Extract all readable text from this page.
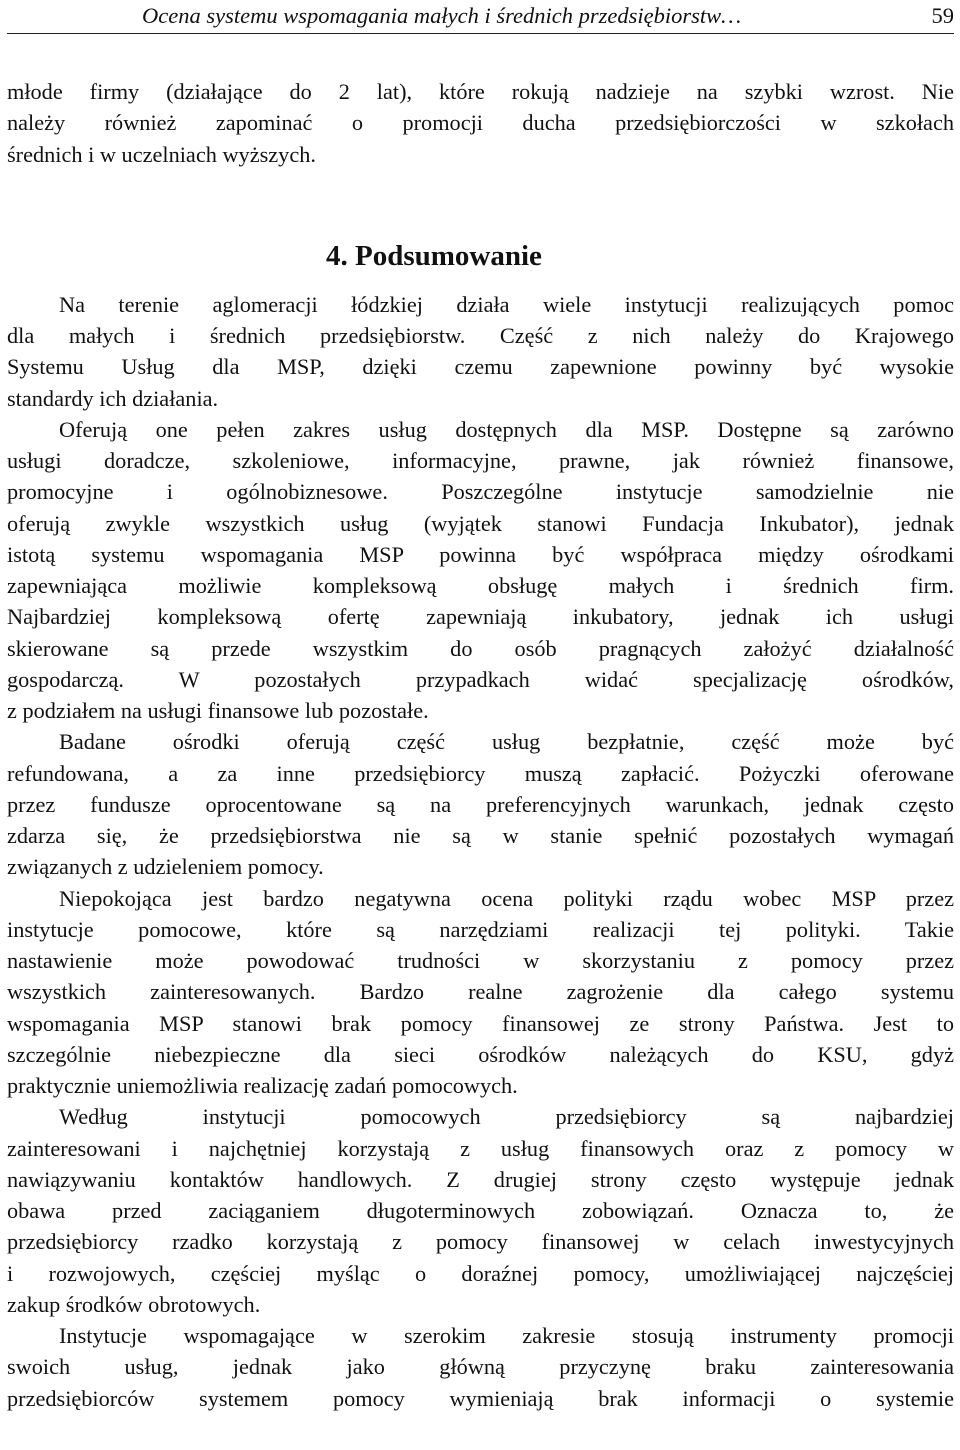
Ocena systemu wspomagania małych i średnich przedsiębiorstw…	59

młode firmy (działające do 2 lat), które rokują nadzieje na szybki wzrost. Nie
należy również zapominać o promocji ducha przedsiębiorczości w szkołach
średnich i w uczelniach wyższych.

4. Podsumowanie

Na terenie aglomeracji łódzkiej działa wiele instytucji realizujących pomoc
dla małych i średnich przedsiębiorstw. Część z nich należy do Krajowego
Systemu Usług dla MSP, dzięki czemu zapewnione powinny być wysokie
standardy ich działania.

Oferują one pełen zakres usług dostępnych dla MSP. Dostępne są zarówno
usługi doradcze, szkoleniowe, informacyjne, prawne, jak również finansowe,
promocyjne i ogólnobiznesowe. Poszczególne instytucje samodzielnie nie
oferują zwykle wszystkich usług (wyjątek stanowi Fundacja Inkubator), jednak
istotą systemu wspomagania MSP powinna być współpraca między ośrodkami
zapewniająca możliwie kompleksową obsługę małych i średnich firm.
Najbardziej kompleksową ofertę zapewniają inkubatory, jednak ich usługi
skierowane są przede wszystkim do osób pragnących założyć działalność
gospodarczą. W pozostałych przypadkach widać specjalizację ośrodków,
z podziałem na usługi finansowe lub pozostałe.

Badane ośrodki oferują część usług bezpłatnie, część może być
refundowana, a za inne przedsiębiorcy muszą zapłacić. Pożyczki oferowane
przez fundusze oprocentowane są na preferencyjnych warunkach, jednak często
zdarza się, że przedsiębiorstwa nie są w stanie spełnić pozostałych wymagań
związanych z udzieleniem pomocy.

Niepokojąca jest bardzo negatywna ocena polityki rządu wobec MSP przez
instytucje pomocowe, które są narzędziami realizacji tej polityki. Takie
nastawienie może powodować trudności w skorzystaniu z pomocy przez
wszystkich zainteresowanych. Bardzo realne zagrożenie dla całego systemu
wspomagania MSP stanowi brak pomocy finansowej ze strony Państwa. Jest to
szczególnie niebezpieczne dla sieci ośrodków należących do KSU, gdyż
praktycznie uniemożliwia realizację zadań pomocowych.

Według instytucji pomocowych przedsiębiorcy są najbardziej
zainteresowani i najchętniej korzystają z usług finansowych oraz z pomocy w
nawiązywaniu kontaktów handlowych. Z drugiej strony często występuje jednak
obawa przed zaciąganiem długoterminowych zobowiązań. Oznacza to, że
przedsiębiorcy rzadko korzystają z pomocy finansowej w celach inwestycyjnych
i rozwojowych, częściej myśląc o doraźnej pomocy, umożliwiającej najczęściej
zakup środków obrotowych.

Instytucje wspomagające w szerokim zakresie stosują instrumenty promocji
swoich usług, jednak jako główną przyczynę braku zainteresowania
przedsiębiorców systemem pomocy wymieniają brak informacji o systemie
